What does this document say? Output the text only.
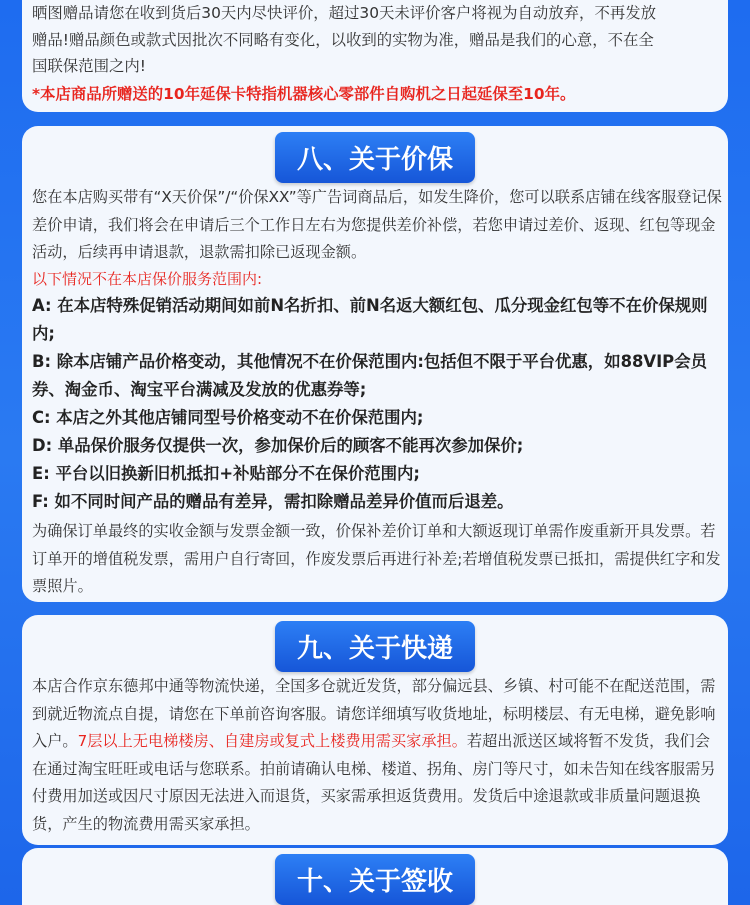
晒图赠品请您在收到货后30天内尽快评价，超过30天未评价客户将视为自动放弃，不再发放
赠品!赠品颜色或款式因批次不同略有变化，以收到的实物为准，赠品是我们的心意，不在全
国联保范围之内!
*本店商品所赠送的10年延保卡特指机器核心零部件自购机之日起延保至10年。
八、关于价保
您在本店购买带有“X天价保”/“价保XX”等广告词商品后，如发生降价，您可以联系店铺在线客服登记保差价申请，我们将会在申请后三个工作日左右为您提供差价补偿，若您申请过差价、返现、红包等现金活动，后续再申请退款，退款需扣除已返现金额。
以下情况不在本店保价服务范围内:
A: 在本店特殊促销活动期间如前N名折扣、前N名返大额红包、瓜分现金红包等不在价保规则内;
B: 除本店铺产品价格变动，其他情况不在价保范围内:包括但不限于平台优惠，如88VIP会员券、淘金币、淘宝平台满减及发放的优惠券等;
C: 本店之外其他店铺同型号价格变动不在价保范围内;
D: 单品保价服务仅提供一次，参加保价后的顾客不能再次参加保价;
E: 平台以旧换新旧机抵扣+补贴部分不在保价范围内;
F: 如不同时间产品的赠品有差异，需扣除赠品差异价值而后退差。
为确保订单最终的实收金额与发票金额一致，价保补差价订单和大额返现订单需作废重新开具发票。若订单开的增值税发票，需用户自行寄回，作废发票后再进行补差;若增值税发票已抵扣，需提供红字和发票照片。
九、关于快递
本店合作京东德邦中通等物流快递，全国多仓就近发货，部分偏远县、乡镇、村可能不在配送范围，需到就近物流点自提，请您在下单前咨询客服。请您详细填写收货地址，标明楼层、有无电梯，避免影响入户。7层以上无电梯楼房、自建房或复式上楼费用需买家承担。若超出派送区域将暂不发货，我们会在通过淘宝旺旺或电话与您联系。拍前请确认电梯、楼道、拐角、房门等尺寸，如未告知在线客服需另付费用加送或因尺寸原因无法进入而退货，买家需承担返货费用。发货后中途退款或非质量问题退换货，产生的物流费用需买家承担。
十、关于签收
